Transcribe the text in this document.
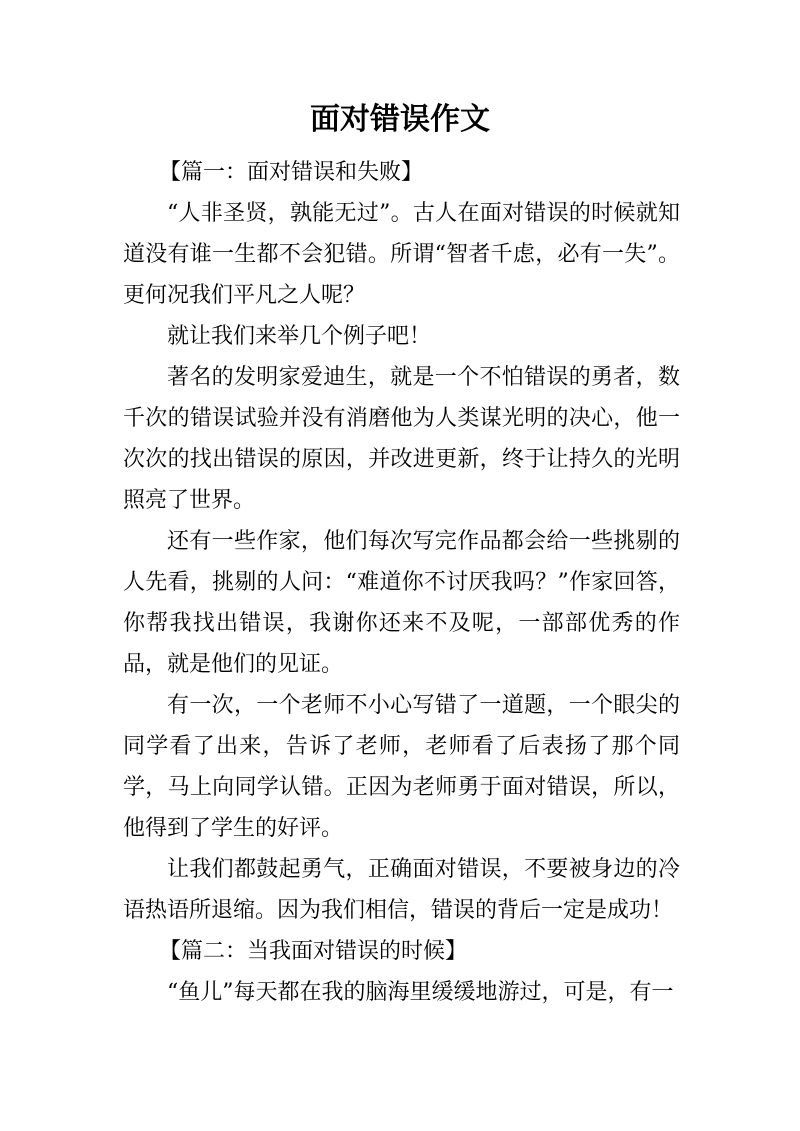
面对错误作文

【篇一：面对错误和失败】

“人非圣贤，孰能无过”。古人在面对错误的时候就知道没有谁一生都不会犯错。所谓“智者千虑，必有一失”。更何况我们平凡之人呢？

就让我们来举几个例子吧！

著名的发明家爱迪生，就是一个不怕错误的勇者，数千次的错误试验并没有消磨他为人类谋光明的决心，他一次次的找出错误的原因，并改进更新，终于让持久的光明照亮了世界。

还有一些作家，他们每次写完作品都会给一些挑剔的人先看，挑剔的人问：“难道你不讨厌我吗？”作家回答，你帮我找出错误，我谢你还来不及呢，一部部优秀的作品，就是他们的见证。

有一次，一个老师不小心写错了一道题，一个眼尖的同学看了出来，告诉了老师，老师看了后表扬了那个同学，马上向同学认错。正因为老师勇于面对错误，所以，他得到了学生的好评。

让我们都鼓起勇气，正确面对错误，不要被身边的冷语热语所退缩。因为我们相信，错误的背后一定是成功！

【篇二：当我面对错误的时候】

“鱼儿”每天都在我的脑海里缓缓地游过，可是，有一
